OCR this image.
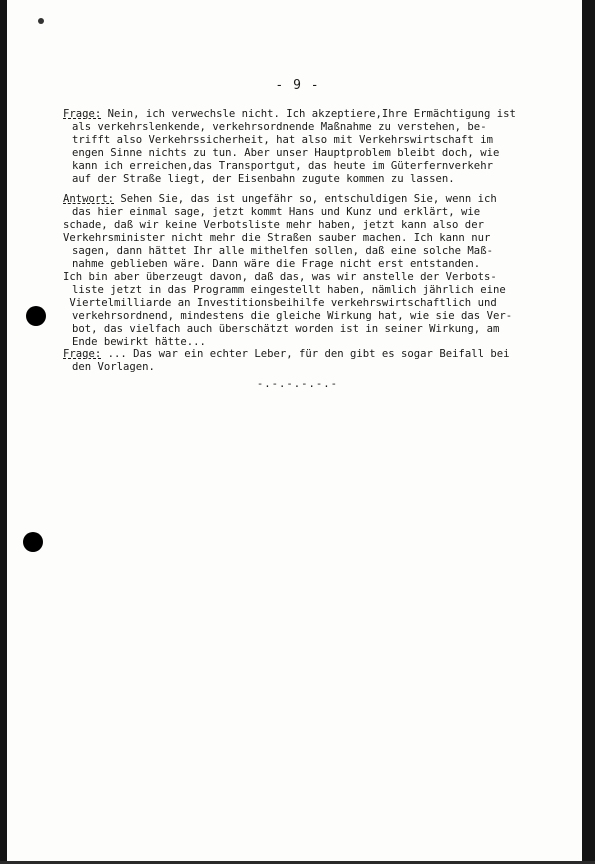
- 9 -
Frage: Nein, ich verwechsle nicht. Ich akzeptiere,Ihre Ermächtigung ist
als verkehrslenkende, verkehrsordnende Maßnahme zu verstehen, be-
trifft also Verkehrssicherheit, hat also mit Verkehrswirtschaft im
engen Sinne nichts zu tun. Aber unser Hauptproblem bleibt doch, wie
kann ich erreichen,das Transportgut, das heute im Güterfernverkehr
auf der Straße liegt, der Eisenbahn zugute kommen zu lassen.
Antwort: Sehen Sie, das ist ungefähr so, entschuldigen Sie, wenn ich
das hier einmal sage, jetzt kommt Hans und Kunz und erklärt, wie
schade, daß wir keine Verbotsliste mehr haben, jetzt kann also der
Verkehrsminister nicht mehr die Straßen sauber machen. Ich kann nur
sagen, dann hättet Ihr alle mithelfen sollen, daß eine solche Maß-
nahme geblieben wäre. Dann wäre die Frage nicht erst entstanden.
Ich bin aber überzeugt davon, daß das, was wir anstelle der Verbots-
liste jetzt in das Programm eingestellt haben, nämlich jährlich eine
Viertelmilliarde an Investitionsbeihilfe verkehrswirtschaftlich und
verkehrsordnend, mindestens die gleiche Wirkung hat, wie sie das Ver-
bot, das vielfach auch überschätzt worden ist in seiner Wirkung, am
Ende bewirkt hätte...
Frage: ... Das war ein echter Leber, für den gibt es sogar Beifall bei
den Vorlagen.
-.-.-.-.-.-
